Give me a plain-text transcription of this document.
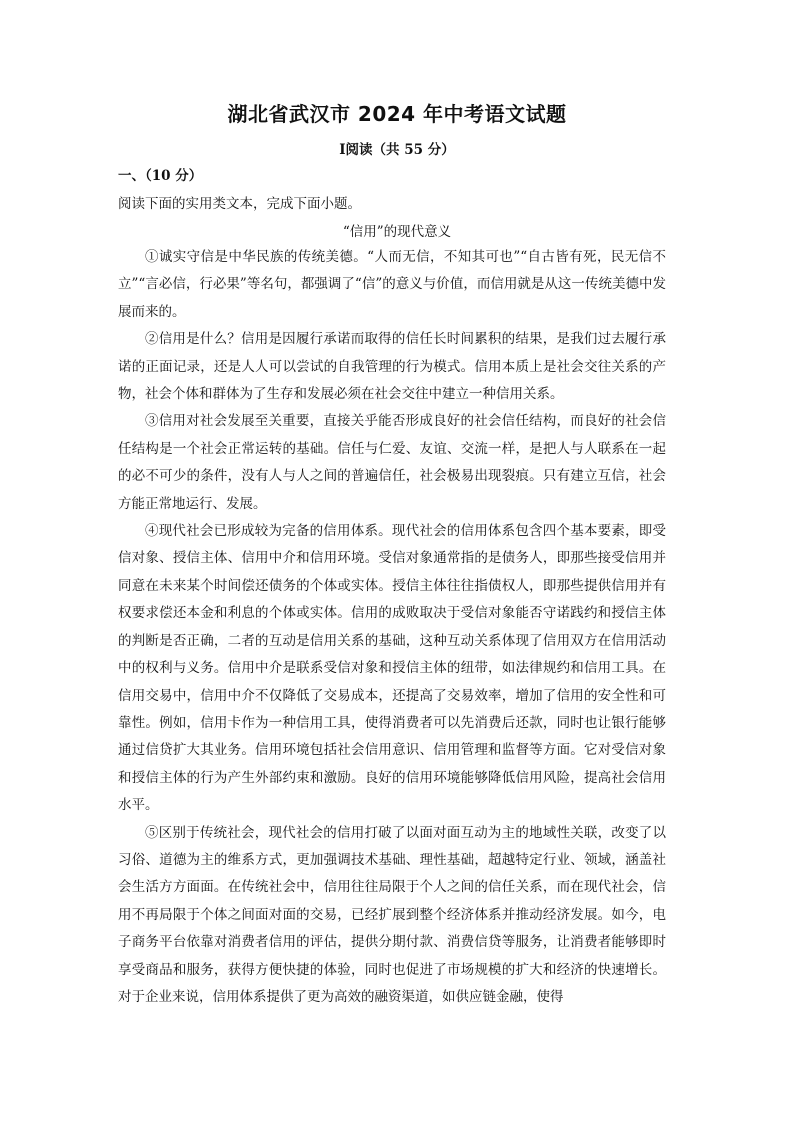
湖北省武汉市 2024 年中考语文试题
Ⅰ阅读（共 55 分）
一、（10 分）
阅读下面的实用类文本，完成下面小题。
“信用”的现代意义

①诚实守信是中华民族的传统美德。“人而无信，不知其可也”“自古皆有死，民无信不立”“言必信，行必果”等名句，都强调了“信”的意义与价值，而信用就是从这一传统美德中发展而来的。

②信用是什么？信用是因履行承诺而取得的信任长时间累积的结果，是我们过去履行承诺的正面记录，还是人人可以尝试的自我管理的行为模式。信用本质上是社会交往关系的产物，社会个体和群体为了生存和发展必须在社会交往中建立一种信用关系。

③信用对社会发展至关重要，直接关乎能否形成良好的社会信任结构，而良好的社会信任结构是一个社会正常运转的基础。信任与仁爱、友谊、交流一样，是把人与人联系在一起的必不可少的条件，没有人与人之间的普遍信任，社会极易出现裂痕。只有建立互信，社会方能正常地运行、发展。

④现代社会已形成较为完备的信用体系。现代社会的信用体系包含四个基本要素，即受信对象、授信主体、信用中介和信用环境。受信对象通常指的是债务人，即那些接受信用并同意在未来某个时间偿还债务的个体或实体。授信主体往往指债权人，即那些提供信用并有权要求偿还本金和利息的个体或实体。信用的成败取决于受信对象能否守诺践约和授信主体的判断是否正确，二者的互动是信用关系的基础，这种互动关系体现了信用双方在信用活动中的权利与义务。信用中介是联系受信对象和授信主体的纽带，如法律规约和信用工具。在信用交易中，信用中介不仅降低了交易成本，还提高了交易效率，增加了信用的安全性和可靠性。例如，信用卡作为一种信用工具，使得消费者可以先消费后还款，同时也让银行能够通过信贷扩大其业务。信用环境包括社会信用意识、信用管理和监督等方面。它对受信对象和授信主体的行为产生外部约束和激励。良好的信用环境能够降低信用风险，提高社会信用水平。

⑤区别于传统社会，现代社会的信用打破了以面对面互动为主的地域性关联，改变了以习俗、道德为主的维系方式，更加强调技术基础、理性基础，超越特定行业、领域，涵盖社会生活方方面面。在传统社会中，信用往往局限于个人之间的信任关系，而在现代社会，信用不再局限于个体之间面对面的交易，已经扩展到整个经济体系并推动经济发展。如今，电子商务平台依靠对消费者信用的评估，提供分期付款、消费信贷等服务，让消费者能够即时享受商品和服务，获得方便快捷的体验，同时也促进了市场规模的扩大和经济的快速增长。对于企业来说，信用体系提供了更为高效的融资渠道，如供应链金融，使得
